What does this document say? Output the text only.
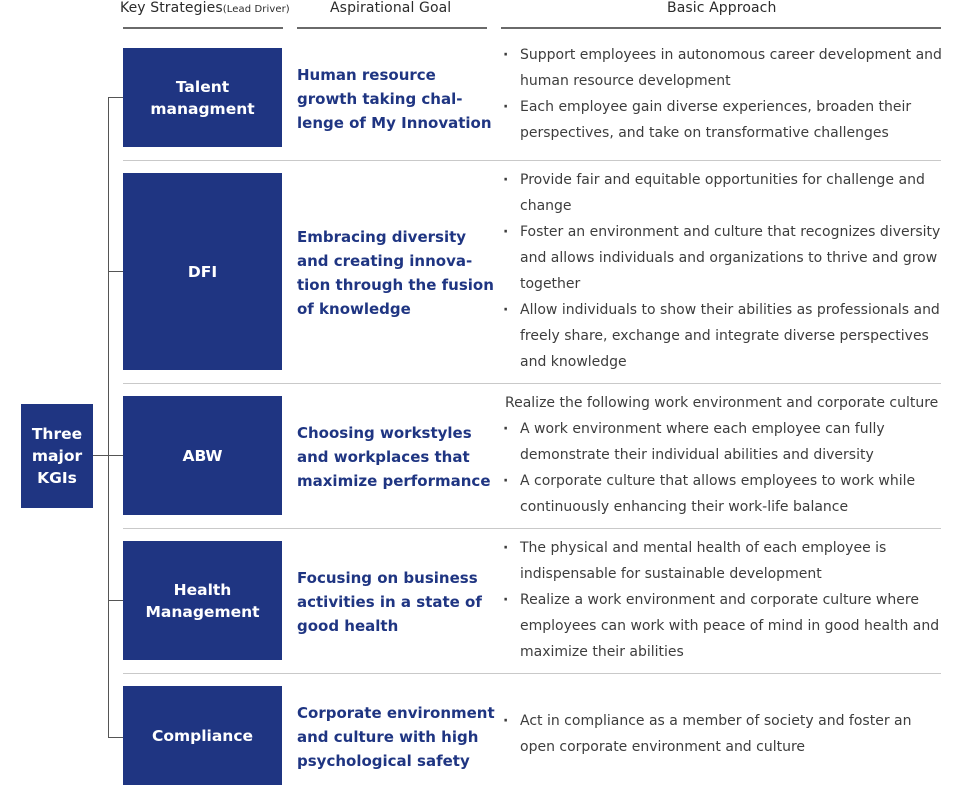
Key Strategies(Lead Driver)	Aspirational Goal	Basic Approach
Three
major
KGIs
Talent
managment
Human resource
growth taking chal-
lenge of My Innovation
· Support employees in autonomous career development and human resource development
· Each employee gain diverse experiences, broaden their perspectives, and take on transformative challenges
DFI
Embracing diversity
and creating innova-
tion through the fusion
of knowledge
· Provide fair and equitable opportunities for challenge and change
· Foster an environment and culture that recognizes diversity and allows individuals and organizations to thrive and grow together
· Allow individuals to show their abilities as professionals and freely share, exchange and integrate diverse perspectives and knowledge
ABW
Choosing workstyles
and workplaces that
maximize performance
Realize the following work environment and corporate culture
· A work environment where each employee can fully demonstrate their individual abilities and diversity
· A corporate culture that allows employees to work while continuously enhancing their work-life balance
Health
Management
Focusing on business
activities in a state of
good health
· The physical and mental health of each employee is indispensable for sustainable development
· Realize a work environment and corporate culture where employees can work with peace of mind in good health and maximize their abilities
Compliance
Corporate environment
and culture with high
psychological safety
· Act in compliance as a member of society and foster an open corporate environment and culture
